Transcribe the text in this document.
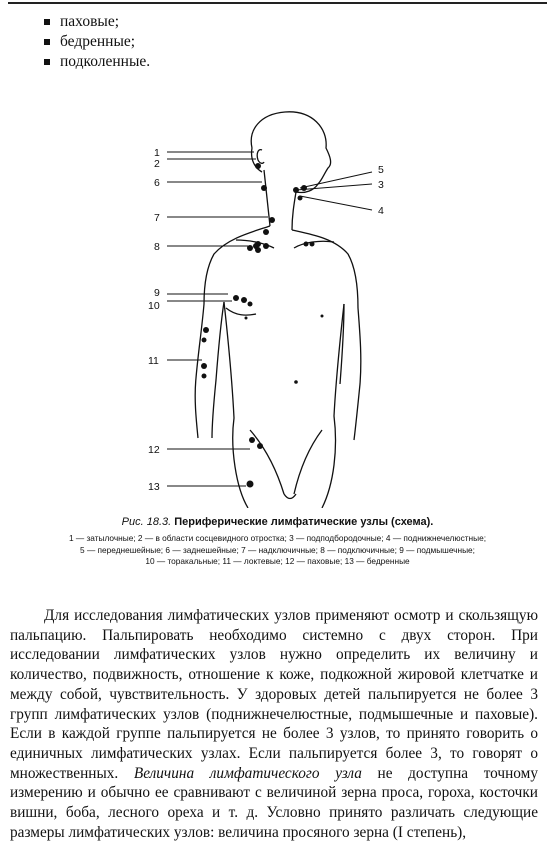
паховые;
бедренные;
подколенные.
1
2
3
4
5
6
7
8
9
10
11
12
13
Рис. 18.3. Периферические лимфатические узлы (схема).
1 — затылочные; 2 — в области сосцевидного отростка; 3 — подподбородочные; 4 — поднижнечелюстные;
5 — переднешейные; 6 — заднешейные; 7 — надключичные; 8 — подключичные; 9 — подмышечные;
10 — торакальные; 11 — локтевые; 12 — паховые; 13 — бедренные

Для исследования лимфатических узлов применяют осмотр и скользящую пальпацию. Пальпировать необходимо системно с двух сторон. При исследовании лимфатических узлов нужно определить их величину и количество, подвижность, отношение к коже, подкожной жировой клетчатке и между собой, чувствительность. У здоровых детей пальпируется не более 3 групп лимфатических узлов (поднижнечелюстные, подмышечные и паховые). Если в каждой группе пальпируется не более 3 узлов, то принято говорить о единичных лимфатических узлах. Если пальпируется более 3, то говорят о множественных. Величина лимфатического узла не доступна точному измерению и обычно ее сравнивают с величиной зерна проса, гороха, косточки вишни, боба, лесного ореха и т. д. Условно принято различать следующие размеры лимфатических узлов: величина просяного зерна (I степень),
